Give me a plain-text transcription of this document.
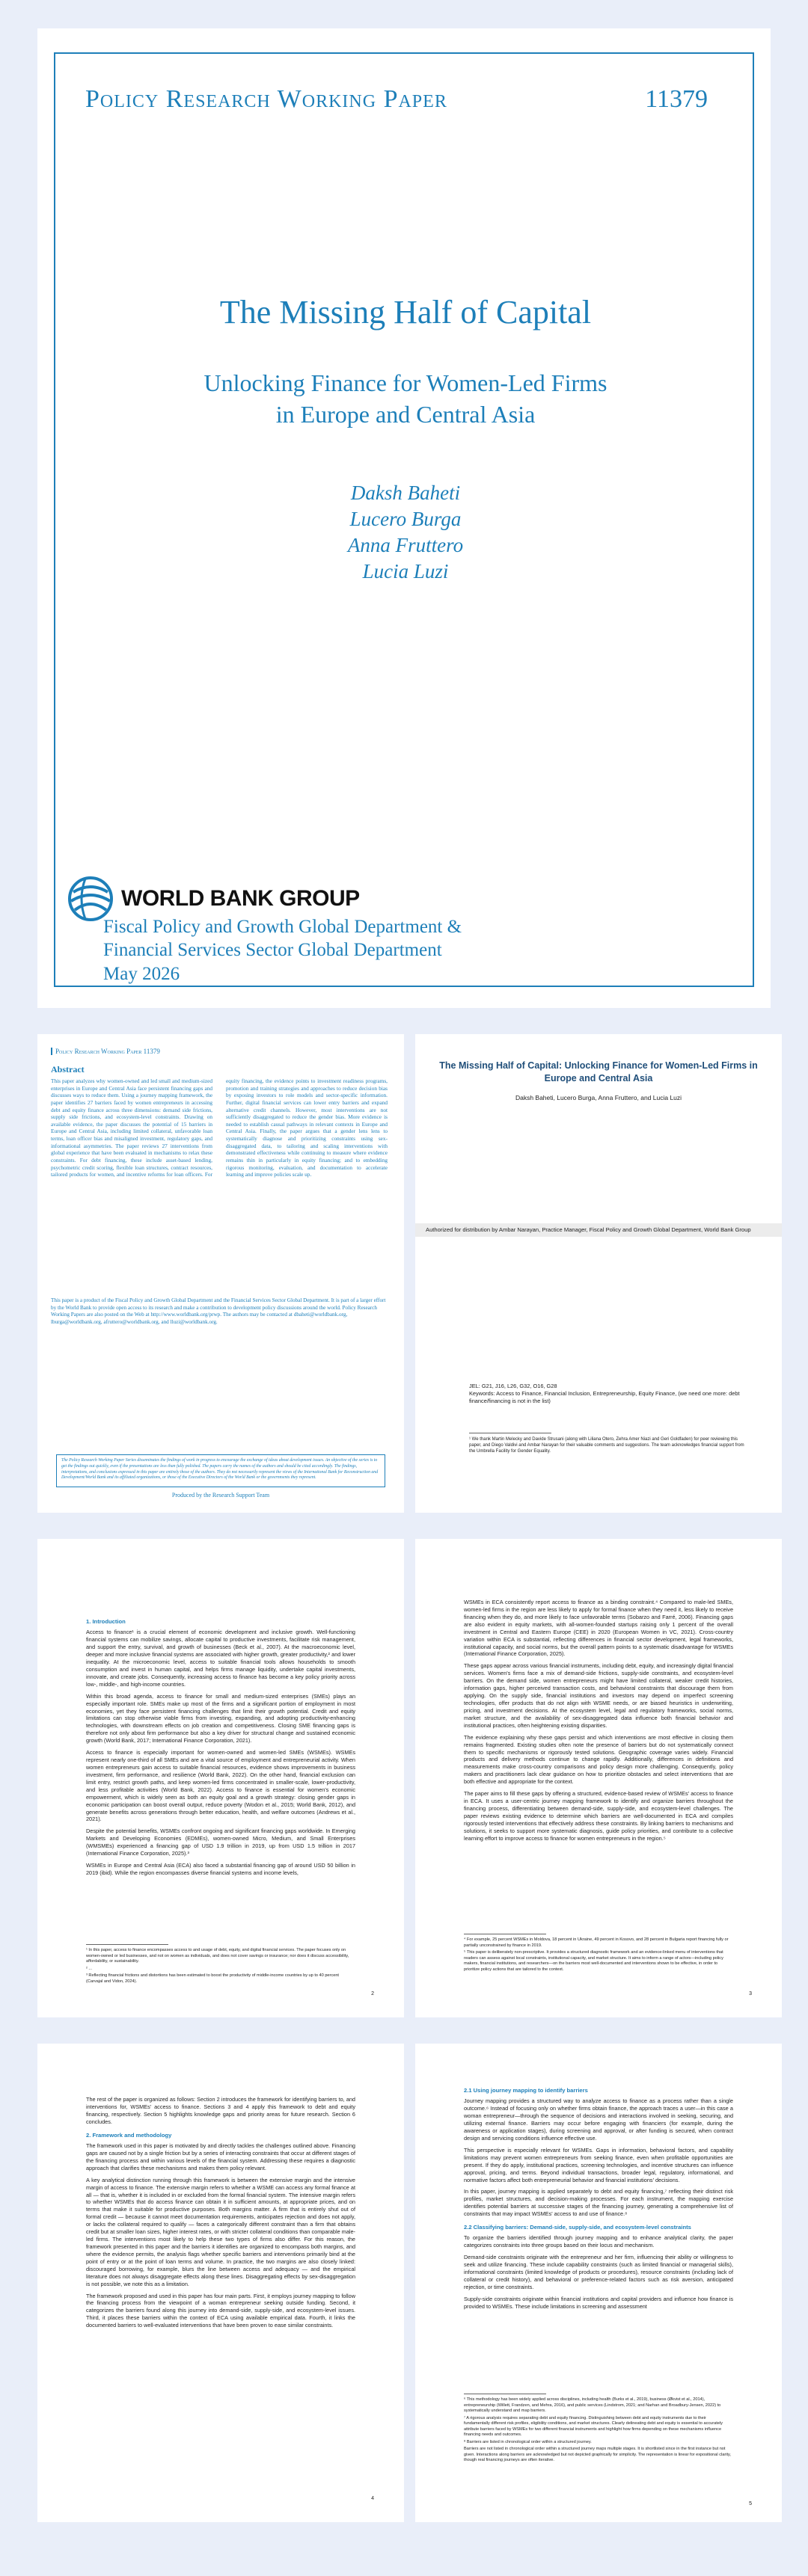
Policy Research Working Paper	11379
The Missing Half of Capital
Unlocking Finance for Women-Led Firms
in Europe and Central Asia
Daksh Baheti
Lucero Burga
Anna Fruttero
Lucia Luzi
WORLD BANK GROUP
Fiscal Policy and Growth Global Department &
Financial Services Sector Global Department
May 2026
Policy Research Working Paper 11379
Abstract
This paper analyzes why women-owned and led small and medium-sized enterprises in Europe and Central Asia face persistent financing gaps and discusses ways to reduce them. Using a journey mapping framework, the paper identifies 27 barriers faced by women entrepreneurs in accessing debt and equity finance across three dimensions: demand side frictions, supply side frictions, and ecosystem-level constraints. Drawing on available evidence, the paper discusses the potential of 15 barriers in Europe and Central Asia, including limited collateral, unfavorable loan terms, loan officer bias and misaligned investment, regulatory gaps, and informational asymmetries. The paper reviews 27 interventions from global experience that have been evaluated in mechanisms to relax these constraints. For debt financing, these include asset-based lending, psychometric credit scoring, flexible loan structures, contract resources, tailored products for women, and incentive reforms for loan officers. For equity financing, the evidence points to investment readiness programs, promotion and training strategies and approaches to reduce decision bias by exposing investors to role models and sector-specific information. Further, digital financial services can lower entry barriers and expand alternative credit channels. However, most interventions are not sufficiently disaggregated to reduce the gender bias. More evidence is needed to establish causal pathways in relevant contexts in Europe and Central Asia. Finally, the paper argues that a gender lens lens to systematically diagnose and prioritizing constraints using sex-disaggregated data, to tailoring and scaling interventions with demonstrated effectiveness while continuing to measure where evidence remains thin in particularly in equity financing; and to embedding rigorous monitoring, evaluation, and documentation to accelerate learning and improve policies scale up.
This paper is a product of the Fiscal Policy and Growth Global Department and the Financial Services Sector Global Department. It is part of a larger effort by the World Bank to provide open access to its research and make a contribution to development policy discussions around the world. Policy Research Working Papers are also posted on the Web at http://www.worldbank.org/prwp. The authors may be contacted at dbaheti@worldbank.org, lburga@worldbank.org, afruttero@worldbank.org, and lluzi@worldbank.org.
The Policy Research Working Paper Series disseminates the findings of work in progress to encourage the exchange of ideas about development issues. An objective of the series is to get the findings out quickly, even if the presentations are less than fully polished. The papers carry the names of the authors and should be cited accordingly. The findings, interpretations, and conclusions expressed in this paper are entirely those of the authors. They do not necessarily represent the views of the International Bank for Reconstruction and Development/World Bank and its affiliated organizations, or those of the Executive Directors of the World Bank or the governments they represent.
Produced by the Research Support Team
The Missing Half of Capital: Unlocking Finance for Women-Led Firms in Europe and Central Asia
Daksh Baheti, Lucero Burga, Anna Fruttero, and Lucia Luzi
Authorized for distribution by Ambar Narayan, Practice Manager, Fiscal Policy and Growth Global Department, World Bank Group
JEL: G21, J16, L26, G32, O16, G28
Keywords: Access to Finance, Financial Inclusion, Entrepreneurship, Equity Finance, (we need one more: debt finance/financing is not in the list)
¹ We thank Martin Melecky and Davide Strusani (along with Liliana Otero, Zehra Amer Niazi and Geri Goldfaden) for peer reviewing this paper, and Diego Valdivi and Ambar Narayan for their valuable comments and suggestions. The team acknowledges financial support from the Umbrella Facility for Gender Equality.
1. Introduction

Access to finance¹ is a crucial element of economic development and inclusive growth. Well-functioning financial systems can mobilize savings, allocate capital to productive investments, facilitate risk management, and support the entry, survival, and growth of businesses (Beck et al., 2007). At the macroeconomic level, deeper and more inclusive financial systems are associated with higher growth, greater productivity,² and lower inequality. At the microeconomic level, access to suitable financial tools allows households to smooth consumption and invest in human capital, and helps firms manage liquidity, undertake capital investments, innovate, and create jobs. Consequently, increasing access to finance has become a key policy priority across low-, middle-, and high-income countries.

Within this broad agenda, access to finance for small and medium-sized enterprises (SMEs) plays an especially important role. SMEs make up most of the firms and a significant portion of employment in most economies, yet they face persistent financing challenges that limit their growth potential. Credit and equity limitations can stop otherwise viable firms from investing, expanding, and adopting productivity-enhancing technologies, with downstream effects on job creation and competitiveness. Closing SME financing gaps is therefore not only about firm performance but also a key driver for structural change and sustained economic growth (World Bank, 2017; International Finance Corporation, 2021).

Access to finance is especially important for women-owned and women-led SMEs (WSMEs). WSMEs represent nearly one-third of all SMEs and are a vital source of employment and entrepreneurial activity. When women entrepreneurs gain access to suitable financial resources, evidence shows improvements in business investment, firm performance, and resilience (World Bank, 2022). On the other hand, financial exclusion can limit entry, restrict growth paths, and keep women-led firms concentrated in smaller-scale, lower-productivity, and less profitable activities (World Bank, 2022). Access to finance is essential for women's economic empowerment, which is widely seen as both an equity goal and a growth strategy: closing gender gaps in economic participation can boost overall output, reduce poverty (Wodon et al., 2015; World Bank, 2012), and generate benefits across generations through better education, health, and welfare outcomes (Andrews et al., 2021).

Despite the potential benefits, WSMEs confront ongoing and significant financing gaps worldwide. In Emerging Markets and Developing Economies (EDMEs), women-owned Micro, Medium, and Small Enterprises (WMSMEs) experienced a financing gap of USD 1.9 trillion in 2019, up from USD 1.5 trillion in 2017 (International Finance Corporation, 2025).³

WSMEs in Europe and Central Asia (ECA) also faced a substantial financing gap of around USD 50 billion in 2019 (ibid). While the region encompasses diverse financial systems and income levels,

¹ In this paper, access to finance encompasses access to and usage of debt, equity, and digital financial services. The paper focuses only on women-owned or led businesses, and not on women as individuals, and does not cover savings or insurance; nor does it discuss accessibility, affordability, or sustainability.

² ...

³ Reflecting financial frictions and distortions has been estimated to boost the productivity of middle-income countries by up to 40 percent (Carvajal and Vidon, 2024).

2

WSMEs in ECA consistently report access to finance as a binding constraint.⁴ Compared to male-led SMEs, women-led firms in the region are less likely to apply for formal finance when they need it, less likely to receive financing when they do, and more likely to face unfavorable terms (Sobarzo and Farré, 2006). Financing gaps are also evident in equity markets, with all-women-founded startups raising only 1 percent of the overall investment in Central and Eastern Europe (CEE) in 2020 (European Women in VC, 2021). Cross-country variation within ECA is substantial, reflecting differences in financial sector development, legal frameworks, institutional capacity, and social norms, but the overall pattern points to a systematic disadvantage for WSMEs (International Finance Corporation, 2025).

These gaps appear across various financial instruments, including debt, equity, and increasingly digital financial services. Women's firms face a mix of demand-side frictions, supply-side constraints, and ecosystem-level barriers. On the demand side, women entrepreneurs might have limited collateral, weaker credit histories, information gaps, higher perceived transaction costs, and behavioral constraints that discourage them from applying. On the supply side, financial institutions and investors may depend on imperfect screening technologies, offer products that do not align with WSME needs, or are biased heuristics in underwriting, pricing, and investment decisions. At the ecosystem level, legal and regulatory frameworks, social norms, market structure, and the availability of sex-disaggregated data influence both financial behavior and institutional practices, often heightening existing disparities.

The evidence explaining why these gaps persist and which interventions are most effective in closing them remains fragmented. Existing studies often note the presence of barriers but do not systematically connect them to specific mechanisms or rigorously tested solutions. Geographic coverage varies widely. Financial products and delivery methods continue to change rapidly. Additionally, differences in definitions and measurements make cross-country comparisons and policy design more challenging. Consequently, policy makers and practitioners lack clear guidance on how to prioritize obstacles and select interventions that are both effective and appropriate for the context.

The paper aims to fill these gaps by offering a structured, evidence-based review of WSMEs' access to finance in ECA. It uses a user-centric journey mapping framework to identify and organize barriers throughout the financing process, differentiating between demand-side, supply-side, and ecosystem-level challenges. The paper reviews existing evidence to determine which barriers are well-documented in ECA and compiles rigorously tested interventions that effectively address these constraints. By linking barriers to mechanisms and solutions, it seeks to support more systematic diagnosis, guide policy priorities, and contribute to a collective learning effort to improve access to finance for women entrepreneurs in the region.⁵

⁴ For example, 25 percent WSMEs in Moldova, 18 percent in Ukraine, 49 percent in Kosovo, and 28 percent in Bulgaria report financing fully or partially unconstrained by finance in 2019.

⁵ This paper is deliberately non-prescriptive. It provides a structured diagnostic framework and an evidence-linked menu of interventions that readers can assess against local constraints, institutional capacity, and market structure. It aims to inform a range of actors—including policy makers, financial institutions, and researchers—on the barriers most well-documented and interventions shown to be effective, in order to prioritize policy actions that are tailored to the context.

3

The rest of the paper is organized as follows: Section 2 introduces the framework for identifying barriers to, and interventions for, WSMEs' access to finance. Sections 3 and 4 apply this framework to debt and equity financing, respectively. Section 5 highlights knowledge gaps and priority areas for future research. Section 6 concludes.

2. Framework and methodology

The framework used in this paper is motivated by and directly tackles the challenges outlined above. Financing gaps are caused not by a single friction but by a series of interacting constraints that occur at different stages of the financing process and within various levels of the financial system. Addressing these requires a diagnostic approach that clarifies these mechanisms and makes them policy relevant.

A key analytical distinction running through this framework is between the extensive margin and the intensive margin of access to finance. The extensive margin refers to whether a WSME can access any formal finance at all — that is, whether it is included in or excluded from the formal financial system. The intensive margin refers to whether WSMEs that do access finance can obtain it in sufficient amounts, at appropriate prices, and on terms that make it suitable for productive purposes. Both margins matter. A firm that is entirely shut out of formal credit — because it cannot meet documentation requirements, anticipates rejection and does not apply, or lacks the collateral required to qualify — faces a categorically different constraint than a firm that obtains credit but at smaller loan sizes, higher interest rates, or with stricter collateral conditions than comparable male-led firms. The interventions most likely to help these two types of firms also differ. For this reason, the framework presented in this paper and the barriers it identifies are organized to encompass both margins, and where the evidence permits, the analysis flags whether specific barriers and interventions primarily bind at the point of entry or at the point of loan terms and volume. In practice, the two margins are also closely linked: discouraged borrowing, for example, blurs the line between access and adequacy — and the empirical literature does not always disaggregate effects along these lines. Disaggregating effects by sex-disaggregation is not possible, we note this as a limitation.

The framework proposed and used in this paper has four main parts. First, it employs journey mapping to follow the financing process from the viewpoint of a woman entrepreneur seeking outside funding. Second, it categorizes the barriers found along this journey into demand-side, supply-side, and ecosystem-level issues. Third, it places these barriers within the context of ECA using available empirical data. Fourth, it links the documented barriers to well-evaluated interventions that have been proven to ease similar constraints.

4
2.1 Using journey mapping to identify barriers

Journey mapping provides a structured way to analyze access to finance as a process rather than a single outcome.⁶ Instead of focusing only on whether firms obtain finance, the approach traces a user—in this case a woman entrepreneur—through the sequence of decisions and interactions involved in seeking, securing, and utilizing external finance. Barriers may occur before engaging with financiers (for example, during the awareness or application stages), during screening and approval, or after funding is secured, when contract design and servicing conditions influence effective use.

This perspective is especially relevant for WSMEs. Gaps in information, behavioral factors, and capability limitations may prevent women entrepreneurs from seeking finance, even when profitable opportunities are present. If they do apply, institutional practices, screening technologies, and incentive structures can influence approval, pricing, and terms. Beyond individual transactions, broader legal, regulatory, informational, and normative factors affect both entrepreneurial behavior and financial institutions' decisions.

In this paper, journey mapping is applied separately to debt and equity financing,⁷ reflecting their distinct risk profiles, market structures, and decision-making processes. For each instrument, the mapping exercise identifies potential barriers at successive stages of the financing journey, generating a comprehensive list of constraints that may impact WSMEs' access to and use of finance.⁸

2.2 Classifying barriers: Demand-side, supply-side, and ecosystem-level constraints

To organize the barriers identified through journey mapping and to enhance analytical clarity, the paper categorizes constraints into three groups based on their locus and mechanism.

Demand-side constraints originate with the entrepreneur and her firm, influencing their ability or willingness to seek and utilize financing. These include capability constraints (such as limited financial or managerial skills), informational constraints (limited knowledge of products or procedures), resource constraints (including lack of collateral or credit history), and behavioral or preference-related factors such as risk aversion, anticipated rejection, or time constraints.

Supply-side constraints originate within financial institutions and capital providers and influence how finance is provided to WSMEs. These include limitations in screening and assessment

⁶ This methodology has been widely applied across disciplines, including health (Burks et al., 2019), business (Økvist et al., 2014), entrepreneurship (Willett, Frandzen, and Mehra, 2016), and public services (Lindstrom, 2021; and Narhan and Broadbury-Jensen, 2022) to systematically understand and map barriers.

⁷ A rigorous analysis requires separating debt and equity financing. Distinguishing between debt and equity instruments due to their fundamentally different risk profiles, eligibility conditions, and market structures. Clearly delineating debt and equity is essential to accurately attribute barriers faced by WSMEs for two different financial instruments and highlight how firms depending on these mechanisms influence financing needs and outcomes.

⁸ Barriers are listed in chronological order within a structured journey.

Barriers are not listed in chronological order within a structured journey maps multiple stages. It is shortlisted since in the first instance but not given. Interactions along barriers are acknowledged but not depicted graphically for simplicity. The representation is linear for expositional clarity, though real financing journeys are often iterative.

5
